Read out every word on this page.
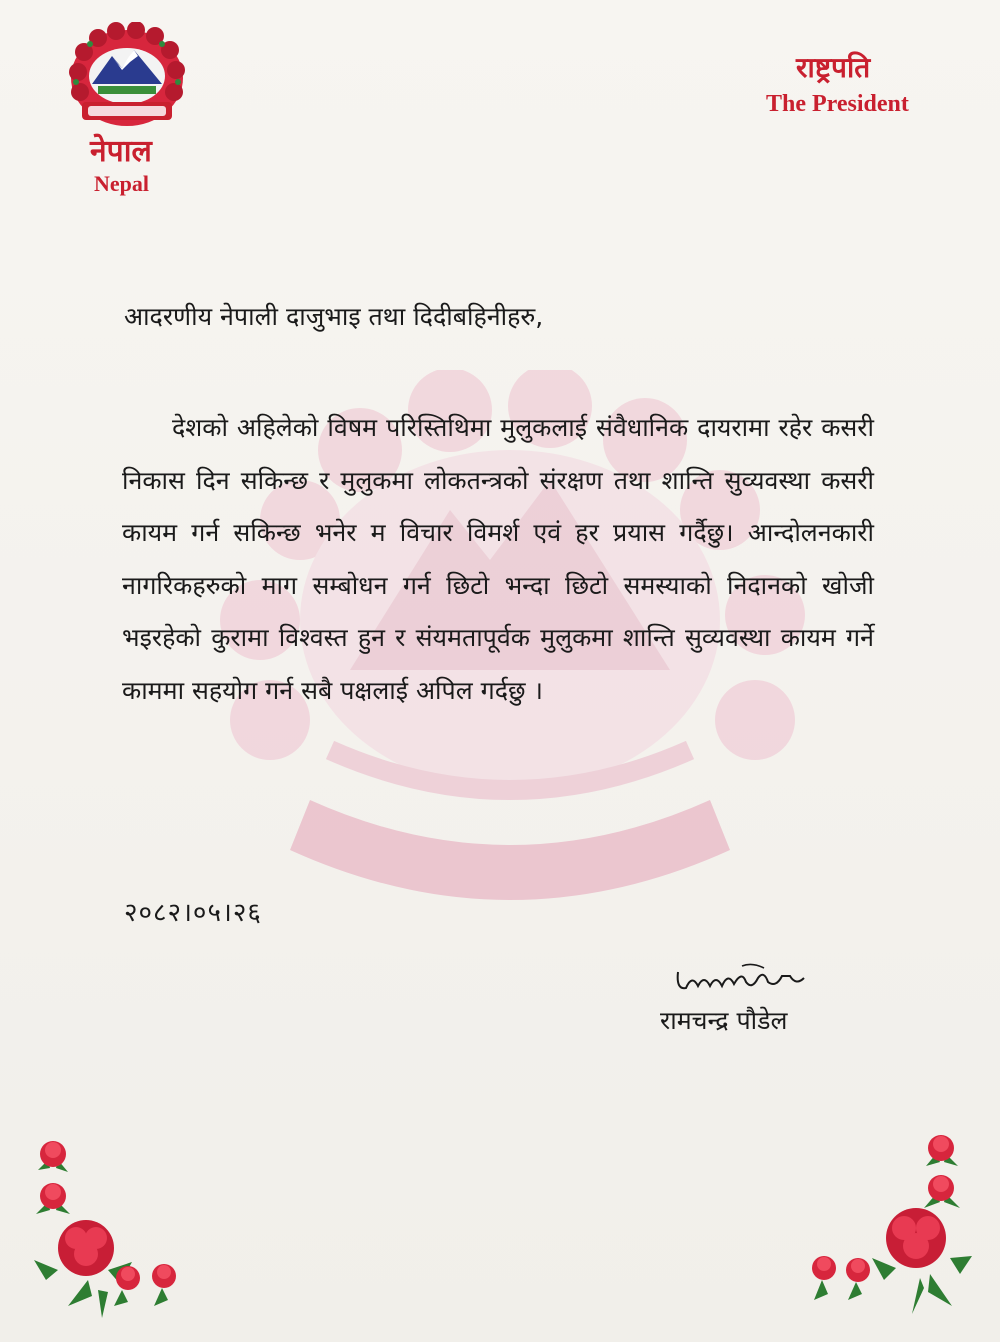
नेपाल
Nepal
राष्ट्रपति
The President
आदरणीय नेपाली दाजुभाइ तथा दिदीबहिनीहरु,
देशको अहिलेको विषम परिस्तिथिमा मुलुकलाई संवैधानिक दायरामा रहेर कसरी निकास दिन सकिन्छ र मुलुकमा लोकतन्त्रको संरक्षण तथा शान्ति सुव्यवस्था कसरी कायम गर्न सकिन्छ भनेर म विचार विमर्श एवं हर प्रयास गर्दैछु। आन्दोलनकारी नागरिकहरुको माग सम्बोधन गर्न छिटो भन्दा छिटो समस्याको निदानको खोजी भइरहेको कुरामा विश्वस्त हुन र संयमतापूर्वक मुलुकमा शान्ति सुव्यवस्था कायम गर्ने काममा सहयोग गर्न सबै पक्षलाई अपिल गर्दछु ।
२०८२।०५।२६
रामचन्द्र पौडेल
